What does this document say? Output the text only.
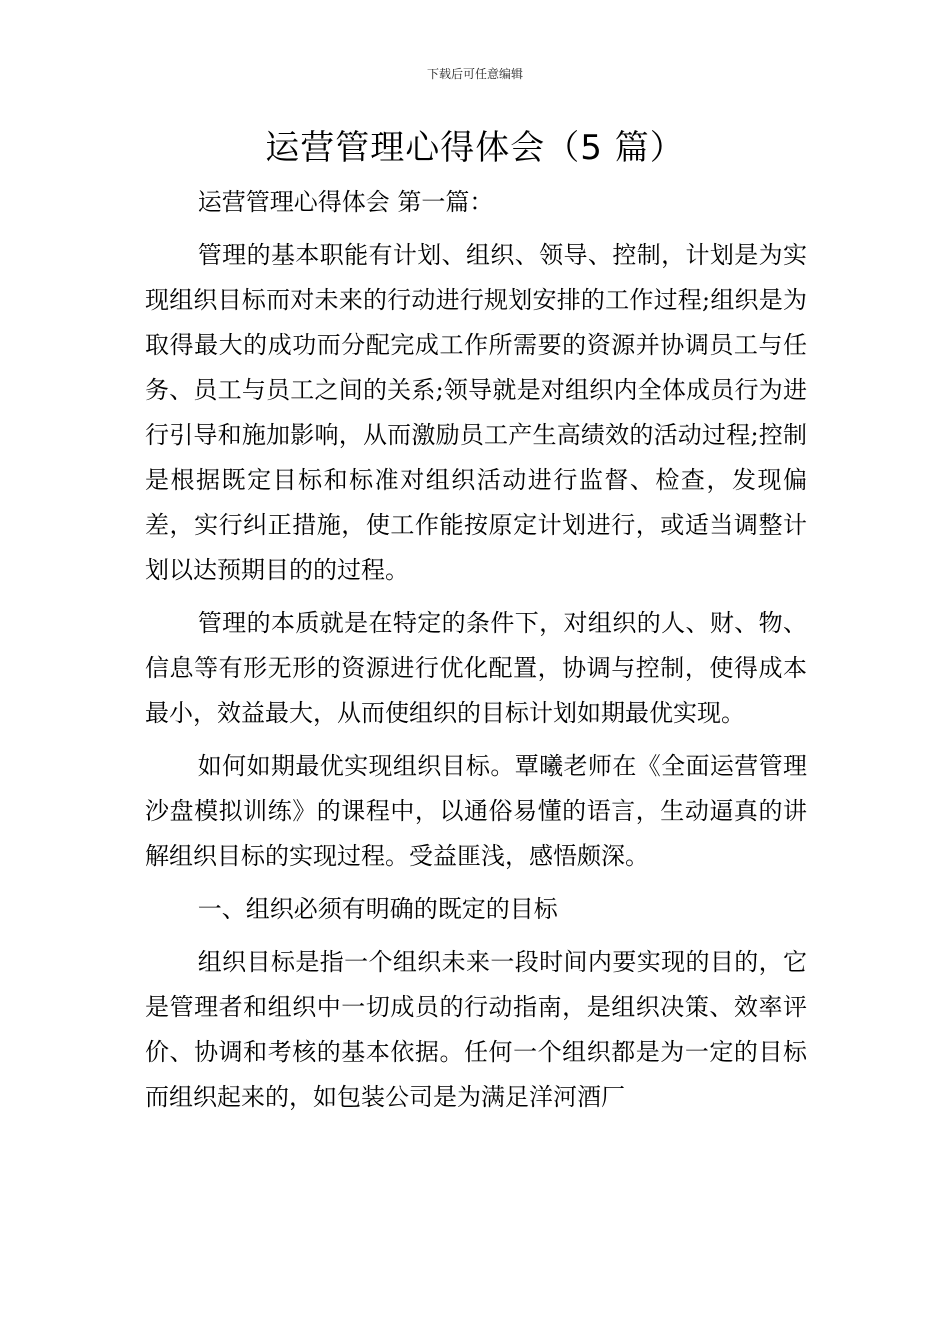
下载后可任意编辑
运营管理心得体会（5 篇）

运营管理心得体会 第一篇：

管理的基本职能有计划、组织、领导、控制，计划是为实现组织目标而对未来的行动进行规划安排的工作过程;组织是为取得最大的成功而分配完成工作所需要的资源并协调员工与任务、员工与员工之间的关系;领导就是对组织内全体成员行为进行引导和施加影响，从而激励员工产生高绩效的活动过程;控制是根据既定目标和标准对组织活动进行监督、检查，发现偏差，实行纠正措施，使工作能按原定计划进行，或适当调整计划以达预期目的的过程。

管理的本质就是在特定的条件下，对组织的人、财、物、信息等有形无形的资源进行优化配置，协调与控制，使得成本最小，效益最大，从而使组织的目标计划如期最优实现。

如何如期最优实现组织目标。覃曦老师在《全面运营管理沙盘模拟训练》的课程中，以通俗易懂的语言，生动逼真的讲解组织目标的实现过程。受益匪浅，感悟颇深。

一、组织必须有明确的既定的目标

组织目标是指一个组织未来一段时间内要实现的目的，它是管理者和组织中一切成员的行动指南，是组织决策、效率评价、协调和考核的基本依据。任何一个组织都是为一定的目标而组织起来的，如包装公司是为满足洋河酒厂
